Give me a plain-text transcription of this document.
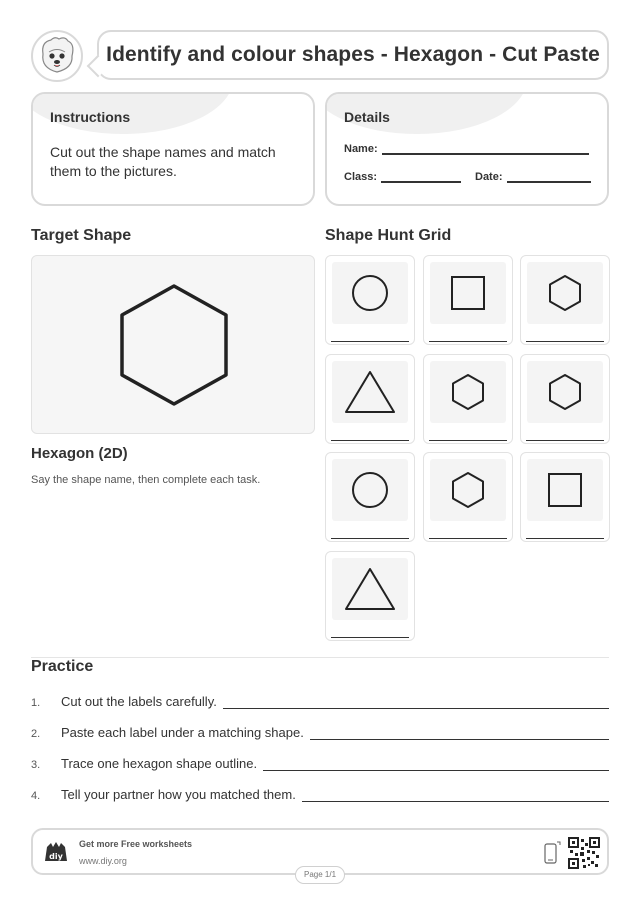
Identify and colour shapes - Hexagon - Cut Paste
Instructions

Cut out the shape names and match them to the pictures.

Details
Name:
Class:	Date:
Target Shape
Hexagon (2D)
Say the shape name, then complete each task.
Shape Hunt Grid
Practice
1.	Cut out the labels carefully.
2.	Paste each label under a matching shape.
3.	Trace one hexagon shape outline.
4.	Tell your partner how you matched them.
diy
Get more Free worksheets
www.diy.org
Page 1/1
